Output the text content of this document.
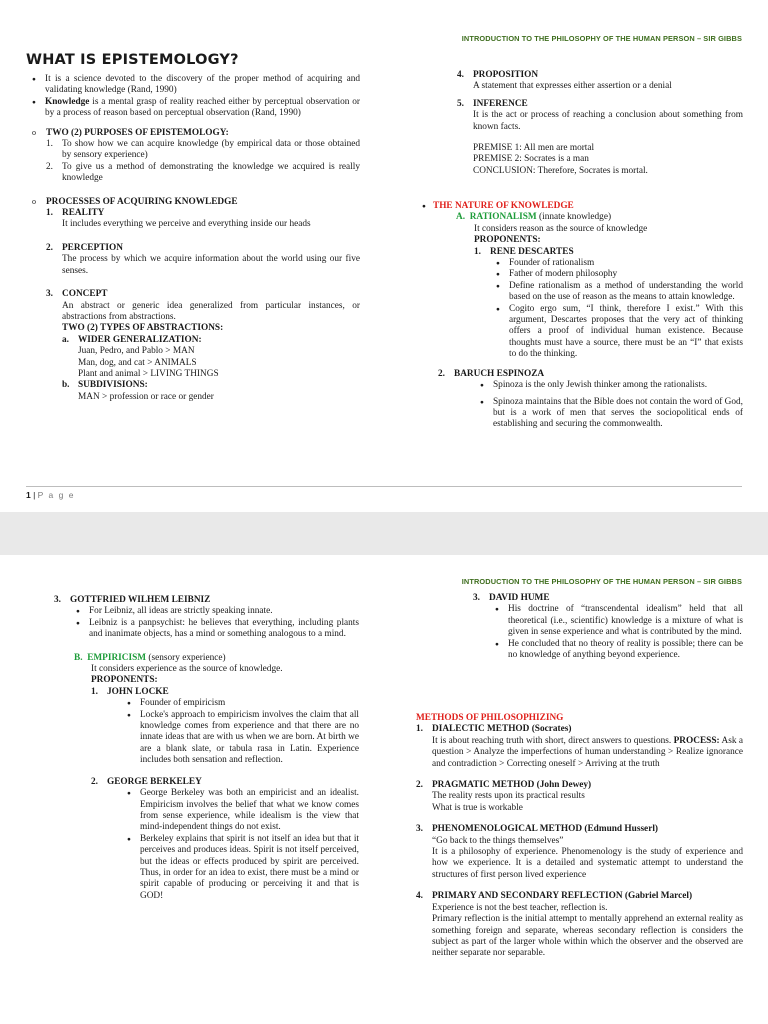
INTRODUCTION TO THE PHILOSOPHY OF THE HUMAN PERSON – SIR GIBBS
WHAT IS EPISTEMOLOGY?

● It is a science devoted to the discovery of the proper method of acquiring and validating knowledge (Rand, 1990)

● Knowledge is a mental grasp of reality reached either by perceptual observation or by a process of reason based on perceptual observation (Rand, 1990)

o TWO (2) PURPOSES OF EPISTEMOLOGY:
1. To show how we can acquire knowledge (by empirical data or those obtained by sensory experience)

2. To give us a method of demonstrating the knowledge we acquired is really knowledge

o PROCESSES OF ACQUIRING KNOWLEDGE
1. REALITY

It includes everything we perceive and everything inside our heads

2. PERCEPTION

The process by which we acquire information about the world using our five senses.

3. CONCEPT

An abstract or generic idea generalized from particular instances, or abstractions from abstractions.

TWO (2) TYPES OF ABSTRACTIONS:
a. WIDER GENERALIZATION:
Juan, Pedro, and Pablo > MAN
Man, dog, and cat > ANIMALS
Plant and animal > LIVING THINGS
b. SUBDIVISIONS:
MAN > profession or race or gender
4. PROPOSITION

A statement that expresses either assertion or a denial

5. INFERENCE

It is the act or process of reaching a conclusion about something from known facts.

PREMISE 1: All men are mortal
PREMISE 2: Socrates is a man
CONCLUSION: Therefore, Socrates is mortal.
● THE NATURE OF KNOWLEDGE
A. RATIONALISM (innate knowledge)

It considers reason as the source of knowledge

PROPONENTS:
1. RENE DESCARTES

● Founder of rationalism

● Father of modern philosophy

● Define rationalism as a method of understanding the world based on the use of reason as the means to attain knowledge.

● Cogito ergo sum, “I think, therefore I exist.” With this argument, Descartes proposes that the very act of thinking offers a proof of individual human existence. Because thoughts must have a source, there must be an “I” that exists to do the thinking.

2. BARUCH ESPINOZA

● Spinoza is the only Jewish thinker among the rationalists.

● Spinoza maintains that the Bible does not contain the word of God, but is a work of men that serves the sociopolitical ends of establishing and securing the commonwealth.

1 | P a g e
INTRODUCTION TO THE PHILOSOPHY OF THE HUMAN PERSON – SIR GIBBS
3. GOTTFRIED WILHEM LEIBNIZ

● For Leibniz, all ideas are strictly speaking innate.

● Leibniz is a panpsychist: he believes that everything, including plants and inanimate objects, has a mind or something analogous to a mind.

B. EMPIRICISM (sensory experience)

It considers experience as the source of knowledge.

PROPONENTS:
1. JOHN LOCKE

● Founder of empiricism

● Locke's approach to empiricism involves the claim that all knowledge comes from experience and that there are no innate ideas that are with us when we are born. At birth we are a blank slate, or tabula rasa in Latin. Experience includes both sensation and reflection.

2. GEORGE BERKELEY

● George Berkeley was both an empiricist and an idealist. Empiricism involves the belief that what we know comes from sense experience, while idealism is the view that mind-independent things do not exist.

● Berkeley explains that spirit is not itself an idea but that it perceives and produces ideas. Spirit is not itself perceived, but the ideas or effects produced by spirit are perceived. Thus, in order for an idea to exist, there must be a mind or spirit capable of producing or perceiving it and that is GOD!

3. DAVID HUME

● His doctrine of “transcendental idealism” held that all theoretical (i.e., scientific) knowledge is a mixture of what is given in sense experience and what is contributed by the mind.

● He concluded that no theory of reality is possible; there can be no knowledge of anything beyond experience.

METHODS OF PHILOSOPHIZING
1. DIALECTIC METHOD (Socrates)

It is about reaching truth with short, direct answers to questions. PROCESS: Ask a question > Analyze the imperfections of human understanding > Realize ignorance and contradiction > Correcting oneself > Arriving at the truth

2. PRAGMATIC METHOD (John Dewey)
The reality rests upon its practical results
What is true is workable
3. PHENOMENOLOGICAL METHOD (Edmund Husserl)
“Go back to the things themselves”

It is a philosophy of experience. Phenomenology is the study of experience and how we experience. It is a detailed and systematic attempt to understand the structures of first person lived experience

4. PRIMARY AND SECONDARY REFLECTION (Gabriel Marcel)
Experience is not the best teacher, reflection is.

Primary reflection is the initial attempt to mentally apprehend an external reality as something foreign and separate, whereas secondary reflection is considers the subject as part of the larger whole within which the observer and the observed are neither separate nor separable.
